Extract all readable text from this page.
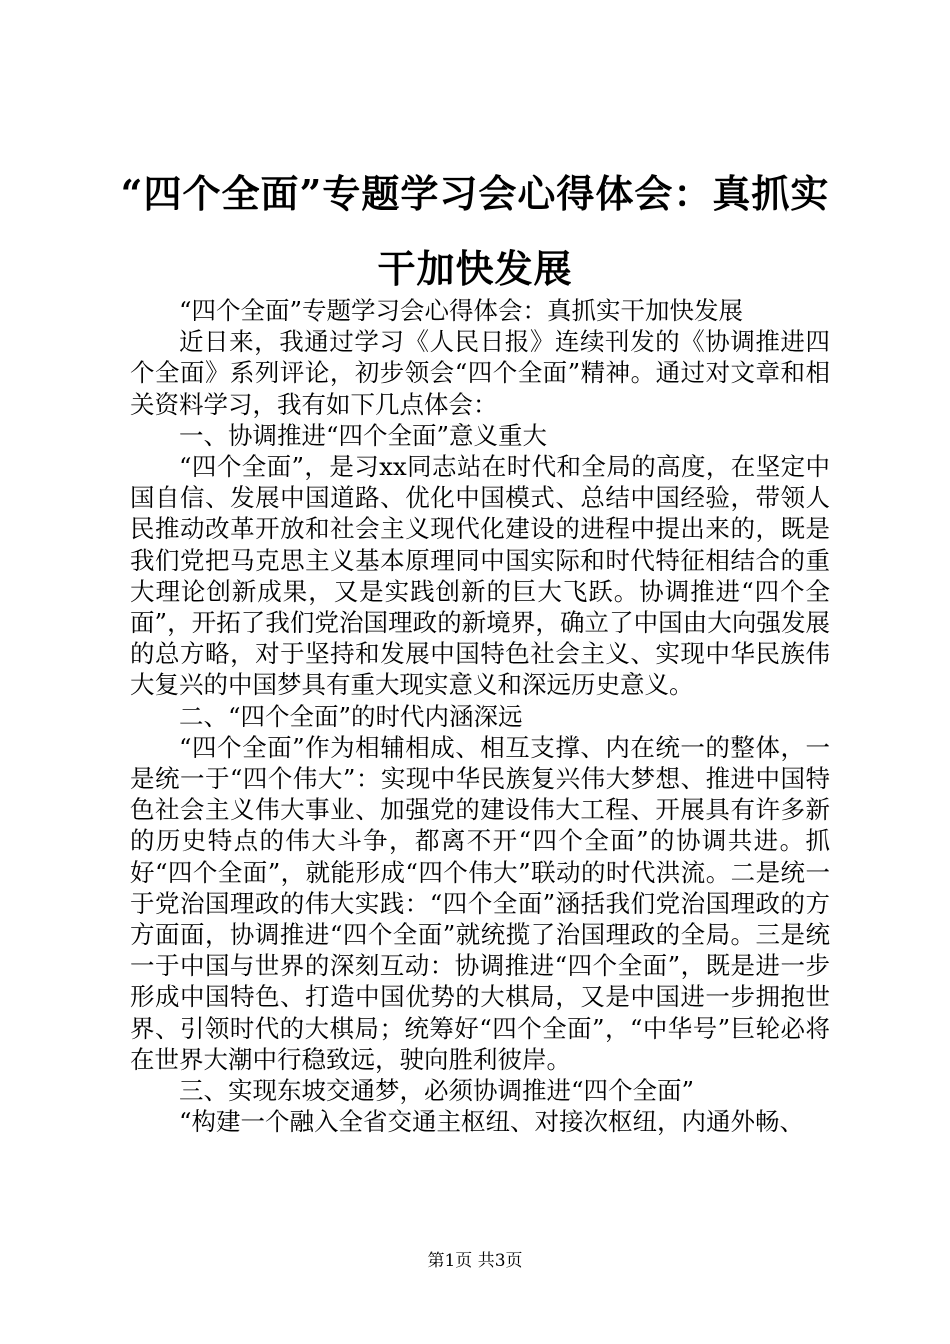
“四个全面”专题学习会心得体会：真抓实干加快发展

“四个全面”专题学习会心得体会：真抓实干加快发展

近日来，我通过学习《人民日报》连续刊发的《协调推进四个全面》系列评论，初步领会“四个全面”精神。通过对文章和相关资料学习，我有如下几点体会：

一、协调推进“四个全面”意义重大

“四个全面”，是习xx同志站在时代和全局的高度，在坚定中国自信、发展中国道路、优化中国模式、总结中国经验，带领人民推动改革开放和社会主义现代化建设的进程中提出来的，既是我们党把马克思主义基本原理同中国实际和时代特征相结合的重大理论创新成果，又是实践创新的巨大飞跃。协调推进“四个全面”，开拓了我们党治国理政的新境界，确立了中国由大向强发展的总方略，对于坚持和发展中国特色社会主义、实现中华民族伟大复兴的中国梦具有重大现实意义和深远历史意义。

二、“四个全面”的时代内涵深远

“四个全面”作为相辅相成、相互支撑、内在统一的整体，一是统一于“四个伟大”：实现中华民族复兴伟大梦想、推进中国特色社会主义伟大事业、加强党的建设伟大工程、开展具有许多新的历史特点的伟大斗争，都离不开“四个全面”的协调共进。抓好“四个全面”，就能形成“四个伟大”联动的时代洪流。二是统一于党治国理政的伟大实践：“四个全面”涵括我们党治国理政的方方面面，协调推进“四个全面”就统揽了治国理政的全局。三是统一于中国与世界的深刻互动：协调推进“四个全面”，既是进一步形成中国特色、打造中国优势的大棋局，又是中国进一步拥抱世界、引领时代的大棋局；统筹好“四个全面”，“中华号”巨轮必将在世界大潮中行稳致远，驶向胜利彼岸。

三、实现东坡交通梦，必须协调推进“四个全面”

“构建一个融入全省交通主枢纽、对接次枢纽，内通外畅、

第1页 共3页
